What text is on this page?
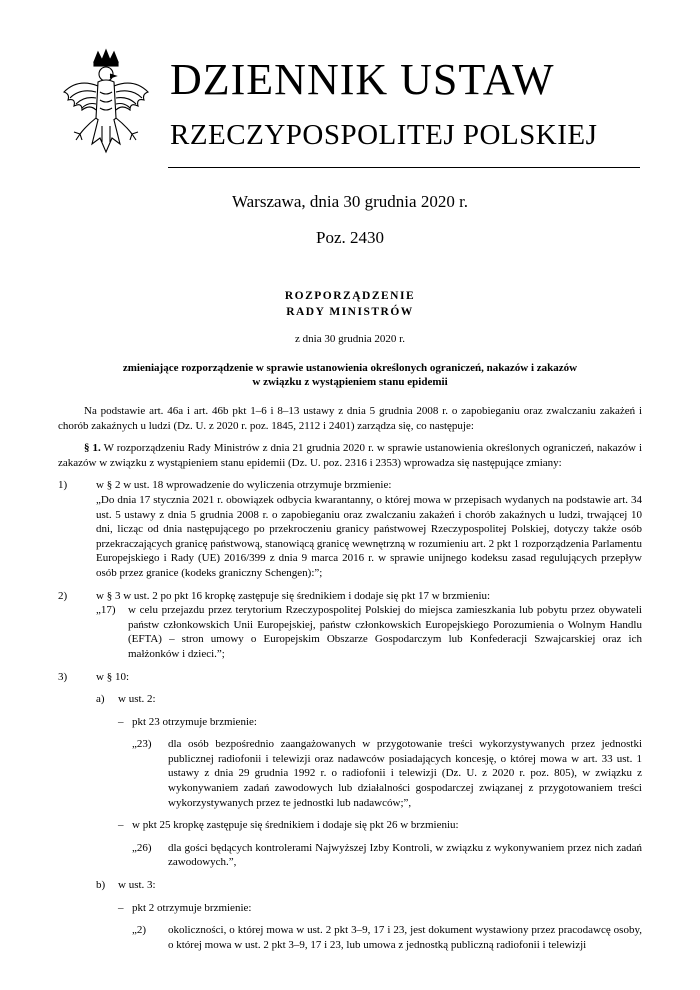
DZIENNIK USTAW
RZECZYPOSPOLITEJ POLSKIEJ
Warszawa, dnia 30 grudnia 2020 r.
Poz. 2430
ROZPORZĄDZENIE
RADY MINISTRÓW
z dnia 30 grudnia 2020 r.
zmieniające rozporządzenie w sprawie ustanowienia określonych ograniczeń, nakazów i zakazów
w związku z wystąpieniem stanu epidemii

Na podstawie art. 46a i art. 46b pkt 1–6 i 8–13 ustawy z dnia 5 grudnia 2008 r. o zapobieganiu oraz zwalczaniu zakażeń i chorób zakaźnych u ludzi (Dz. U. z 2020 r. poz. 1845, 2112 i 2401) zarządza się, co następuje:

§ 1. W rozporządzeniu Rady Ministrów z dnia 21 grudnia 2020 r. w sprawie ustanowienia określonych ograniczeń, nakazów i zakazów w związku z wystąpieniem stanu epidemii (Dz. U. poz. 2316 i 2353) wprowadza się następujące zmiany:

1)	w § 2 w ust. 18 wprowadzenie do wyliczenia otrzymuje brzmienie:

„Do dnia 17 stycznia 2021 r. obowiązek odbycia kwarantanny, o której mowa w przepisach wydanych na podstawie art. 34 ust. 5 ustawy z dnia 5 grudnia 2008 r. o zapobieganiu oraz zwalczaniu zakażeń i chorób zakaźnych u ludzi, trwającej 10 dni, licząc od dnia następującego po przekroczeniu granicy państwowej Rzeczypospolitej Polskiej, dotyczy także osób przekraczających granicę państwową, stanowiącą granicę wewnętrzną w rozumieniu art. 2 pkt 1 rozporządzenia Parlamentu Europejskiego i Rady (UE) 2016/399 z dnia 9 marca 2016 r. w sprawie unijnego kodeksu zasad regulujących przepływ osób przez granice (kodeks graniczny Schengen):”;

2)	w § 3 w ust. 2 po pkt 16 kropkę zastępuje się średnikiem i dodaje się pkt 17 w brzmieniu:

„17) w celu przejazdu przez terytorium Rzeczypospolitej Polskiej do miejsca zamieszkania lub pobytu przez obywateli państw członkowskich Unii Europejskiej, państw członkowskich Europejskiego Porozumienia o Wolnym Handlu (EFTA) – stron umowy o Europejskim Obszarze Gospodarczym lub Konfederacji Szwajcarskiej oraz ich małżonków i dzieci.”;

3)	w § 10:

a) w ust. 2:

– pkt 23 otrzymuje brzmienie:

„23) dla osób bezpośrednio zaangażowanych w przygotowanie treści wykorzystywanych przez jednostki publicznej radiofonii i telewizji oraz nadawców posiadających koncesję, o której mowa w art. 33 ust. 1 ustawy z dnia 29 grudnia 1992 r. o radiofonii i telewizji (Dz. U. z 2020 r. poz. 805), w związku z wykonywaniem zadań zawodowych lub działalności gospodarczej związanej z przygotowaniem treści wykorzystywanych przez te jednostki lub nadawców;”,

– w pkt 25 kropkę zastępuje się średnikiem i dodaje się pkt 26 w brzmieniu:

„26) dla gości będących kontrolerami Najwyższej Izby Kontroli, w związku z wykonywaniem przez nich zadań zawodowych.”,

b) w ust. 3:

– pkt 2 otrzymuje brzmienie:

„2) okoliczności, o której mowa w ust. 2 pkt 3–9, 17 i 23, jest dokument wystawiony przez pracodawcę osoby, o której mowa w ust. 2 pkt 3–9, 17 i 23, lub umowa z jednostką publiczną radiofonii i telewizji
